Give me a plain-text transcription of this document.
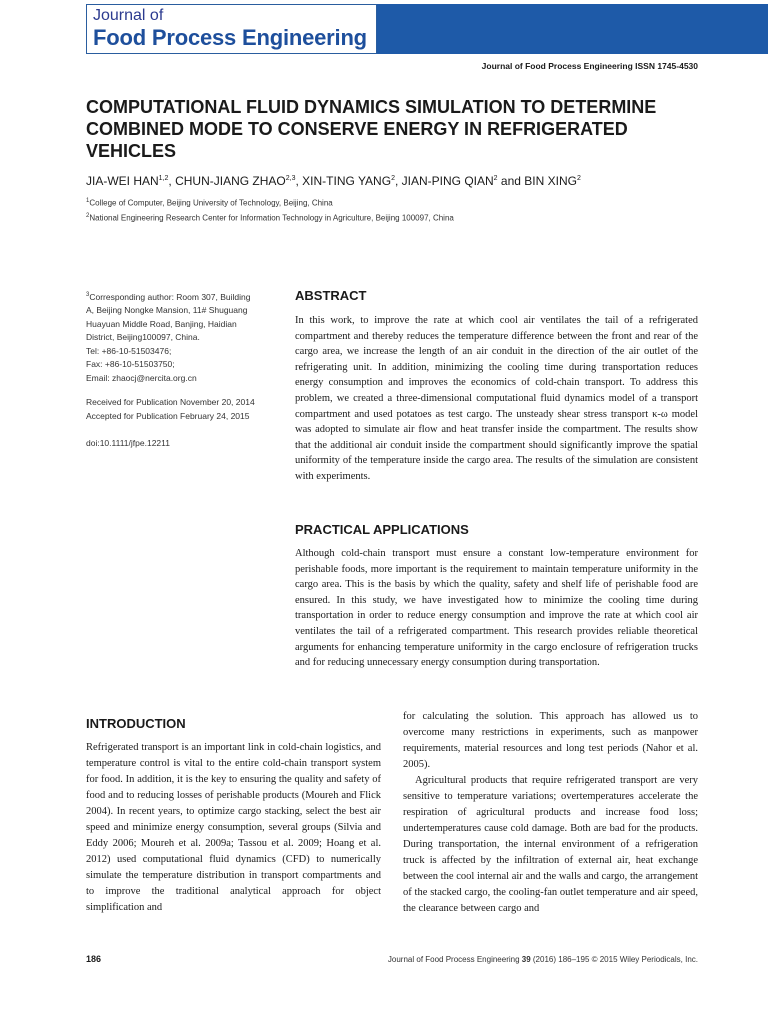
Journal of
Food Process Engineering
Journal of Food Process Engineering ISSN 1745-4530
COMPUTATIONAL FLUID DYNAMICS SIMULATION TO DETERMINE COMBINED MODE TO CONSERVE ENERGY IN REFRIGERATED VEHICLES
JIA-WEI HAN$^{1,2}$, CHUN-JIANG ZHAO$^{2,3}$, XIN-TING YANG$^2$, JIAN-PING QIAN$^2$ and BIN XING$^2$
$^1$College of Computer, Beijing University of Technology, Beijing, China
$^2$National Engineering Research Center for Information Technology in Agriculture, Beijing 100097, China

$^3$Corresponding author: Room 307, Building

A, Beijing Nongke Mansion, 11# Shuguang

Huayuan Middle Road, Banjing, Haidian

District, Beijing100097, China.

Tel: +86-10-51503476;

Fax: +86-10-51503750;

Email: zhaocj@nercita.org.cn

Received for Publication November 20, 2014

Accepted for Publication February 24, 2015

doi:10.1111/jfpe.12211
ABSTRACT

In this work, to improve the rate at which cool air ventilates the tail of a refrigerated compartment and thereby reduces the temperature difference between the front and rear of the cargo area, we increase the length of an air conduit in the direction of the air outlet of the refrigerating unit. In addition, minimizing the cooling time during transportation reduces energy consumption and improves the economics of cold-chain transport. To address this problem, we created a three-dimensional computational fluid dynamics model of a transport compartment and used potatoes as test cargo. The unsteady shear stress transport κ-ω model was adopted to simulate air flow and heat transfer inside the compartment. The results show that the additional air conduit inside the compartment should significantly improve the spatial uniformity of the temperature inside the cargo area. The results of the simulation are consistent with experiments.

PRACTICAL APPLICATIONS

Although cold-chain transport must ensure a constant low-temperature environment for perishable foods, more important is the requirement to maintain temperature uniformity in the cargo area. This is the basis by which the quality, safety and shelf life of perishable food are ensured. In this study, we have investigated how to minimize the cooling time during transportation in order to reduce energy consumption and improve the rate at which cool air ventilates the tail of a refrigerated compartment. This research provides reliable theoretical arguments for enhancing temperature uniformity in the cargo enclosure of refrigeration trucks and for reducing unnecessary energy consumption during transportation.

INTRODUCTION

Refrigerated transport is an important link in cold-chain logistics, and temperature control is vital to the entire cold-chain transport system for food. In addition, it is the key to ensuring the quality and safety of food and to reducing losses of perishable products (Moureh and Flick 2004). In recent years, to optimize cargo stacking, select the best air speed and minimize energy consumption, several groups (Silvia and Eddy 2006; Moureh et al. 2009a; Tassou et al. 2009; Hoang et al. 2012) used computational fluid dynamics (CFD) to numerically simulate the temperature distribution in transport compartments and to improve the traditional analytical approach for object simplification and

for calculating the solution. This approach has allowed us to overcome many restrictions in experiments, such as manpower requirements, material resources and long test periods (Nahor et al. 2005).

Agricultural products that require refrigerated transport are very sensitive to temperature variations; overtemperatures accelerate the respiration of agricultural products and increase food loss; undertemperatures cause cold damage. Both are bad for the products. During transportation, the internal environment of a refrigeration truck is affected by the infiltration of external air, heat exchange between the cool internal air and the walls and cargo, the arrangement of the stacked cargo, the cooling-fan outlet temperature and air speed, the clearance between cargo and

186	Journal of Food Process Engineering 39 (2016) 186–195 © 2015 Wiley Periodicals, Inc.
